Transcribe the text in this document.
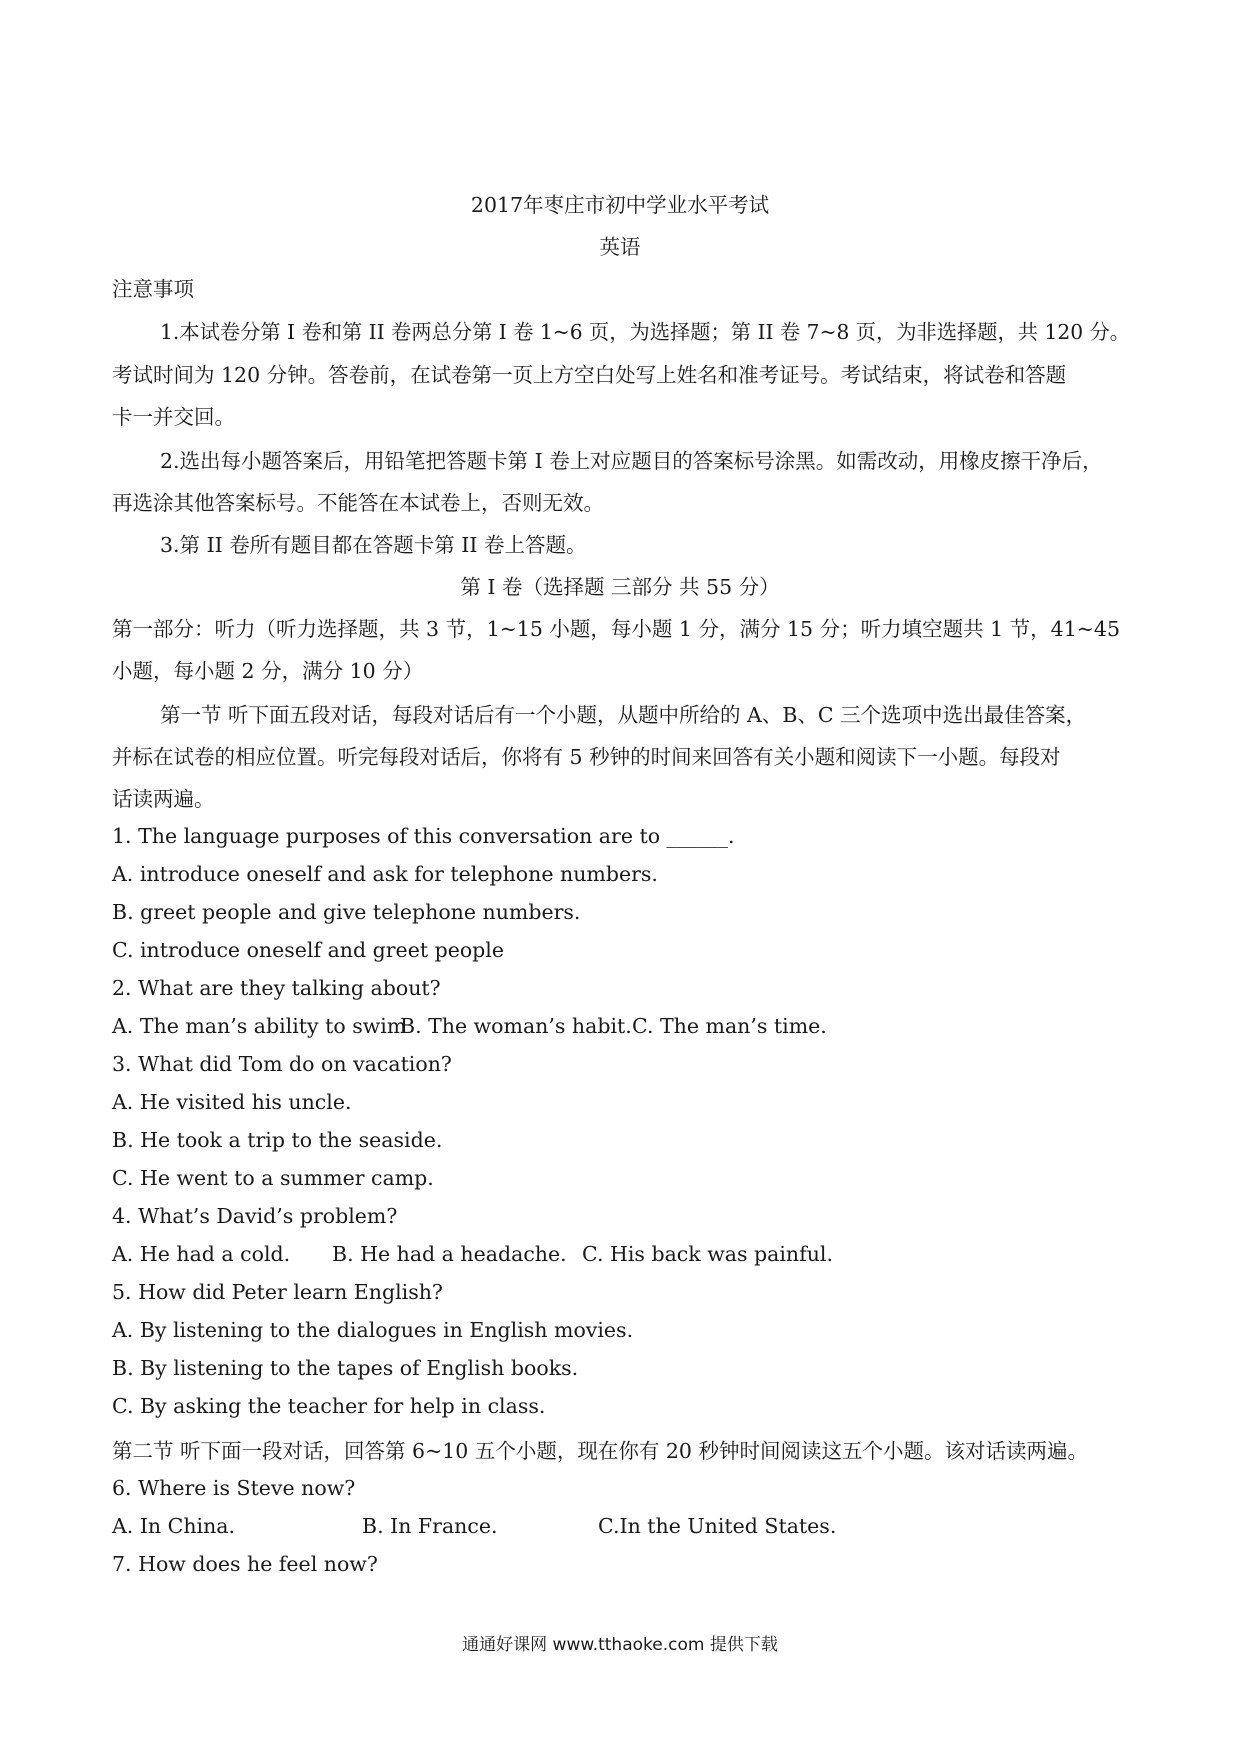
2017年枣庄市初中学业水平考试
英语
注意事项
1.本试卷分第 I 卷和第 II 卷两总分第 I 卷 1~6 页，为选择题；第 II 卷 7~8 页，为非选择题，共 120 分。
考试时间为 120 分钟。答卷前，在试卷第一页上方空白处写上姓名和准考证号。考试结束，将试卷和答题
卡一并交回。
2.选出每小题答案后，用铅笔把答题卡第 I 卷上对应题目的答案标号涂黑。如需改动，用橡皮擦干净后，
再选涂其他答案标号。不能答在本试卷上，否则无效。
3.第 II 卷所有题目都在答题卡第 II 卷上答题。
第 I 卷（选择题 三部分 共 55 分）
第一部分：听力（听力选择题，共 3 节，1~15 小题，每小题 1 分，满分 15 分；听力填空题共 1 节，41~45
小题，每小题 2 分，满分 10 分）
第一节 听下面五段对话，每段对话后有一个小题，从题中所给的 A、B、C 三个选项中选出最佳答案，
并标在试卷的相应位置。听完每段对话后，你将有 5 秒钟的时间来回答有关小题和阅读下一小题。每段对
话读两遍。
1. The language purposes of this conversation are to ______.
A. introduce oneself and ask for telephone numbers.
B. greet people and give telephone numbers.
C. introduce oneself and greet people
2. What are they talking about?
A. The man’s ability to swim
B. The woman’s habit. C. The man’s time.
3. What did Tom do on vacation?
A. He visited his uncle.
B. He took a trip to the seaside.
C. He went to a summer camp.
4. What’s David’s problem?
A. He had a cold. B. He had a headache. C. His back was painful.
5. How did Peter learn English?
A. By listening to the dialogues in English movies.
B. By listening to the tapes of English books.
C. By asking the teacher for help in class.
第二节 听下面一段对话，回答第 6~10 五个小题，现在你有 20 秒钟时间阅读这五个小题。该对话读两遍。
6. Where is Steve now?
A. In China.	B. In France.	C.In the United States.
7. How does he feel now?
通通好课网 www.tthaoke.com 提供下载
